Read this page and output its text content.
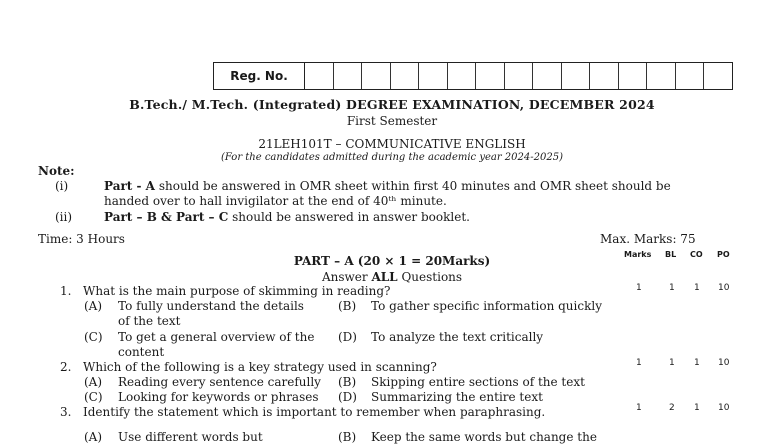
Reg. No.
B.Tech./ M.Tech. (Integrated) DEGREE EXAMINATION, DECEMBER 2024
First Semester
21LEH101T – COMMUNICATIVE ENGLISH
(For the candidates admitted during the academic year 2024-2025)
Note:
(i)	Part - A should be answered in OMR sheet within first 40 minutes and OMR sheet should be
handed over to hall invigilator at the end of 40ᵗʰ minute.
(ii)	Part – B & Part – C should be answered in answer booklet.
Time: 3 Hours	Max. Marks: 75
PART – A (20 × 1 = 20Marks)
Answer ALL Questions
Marks BL CO PO
1. What is the main purpose of skimming in reading?	1	1 1 10
(A) To fully understand the details
of the text
(B) To gather specific information quickly
(C) To get a general overview of the
content
(D) To analyze the text critically
2. Which of the following is a key strategy used in scanning?	1	1 1 10
(A) Reading every sentence carefully (B) Skipping entire sections of the text
(C) Looking for keywords or phrases (D) Summarizing the entire text
3. Identify the statement which is important to remember when paraphrasing.	1	2 1 10
(A) Use different words but	(B) Keep the same words but change the
